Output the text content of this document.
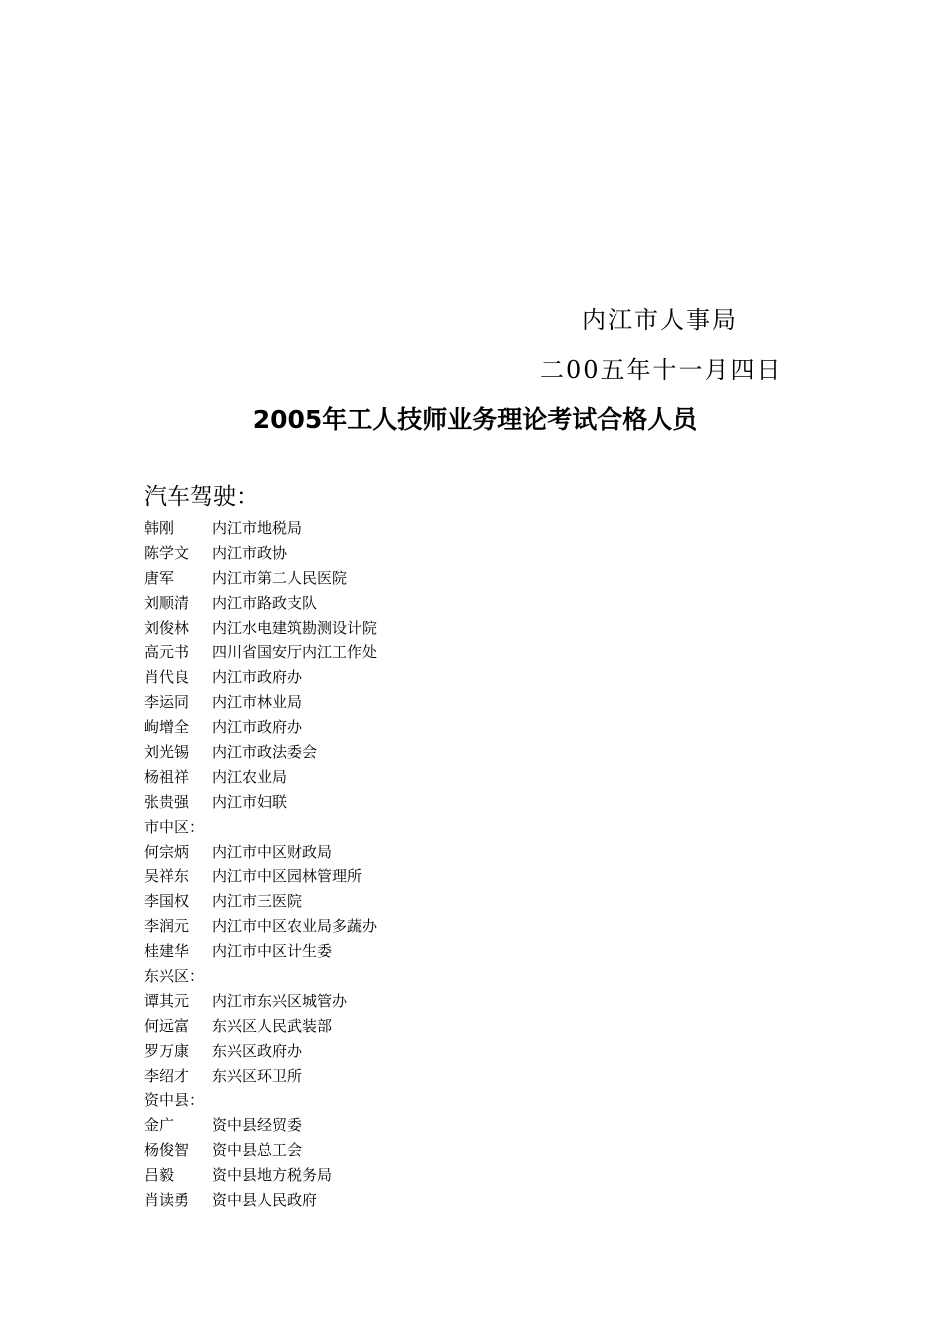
内江市人事局
二00五年十一月四日
2005年工人技师业务理论考试合格人员
汽车驾驶：
韩刚	内江市地税局
陈学文 内江市政协
唐军	内江市第二人民医院
刘顺清 内江市路政支队
刘俊林 内江水电建筑勘测设计院
高元书 四川省国安厅内江工作处
肖代良 内江市政府办
李运同 内江市林业局
岣增全 内江市政府办
刘光锡 内江市政法委会
杨祖祥 内江农业局
张贵强 内江市妇联
市中区：
何宗炳 内江市中区财政局
吴祥东 内江市中区园林管理所
李国权 内江市三医院
李润元 内江市中区农业局多蔬办
桂建华 内江市中区计生委
东兴区：
谭其元 内江市东兴区城管办
何远富 东兴区人民武装部
罗万康 东兴区政府办
李绍才 东兴区环卫所
资中县：
金广	资中县经贸委
杨俊智 资中县总工会
吕毅	资中县地方税务局
肖读勇 资中县人民政府
